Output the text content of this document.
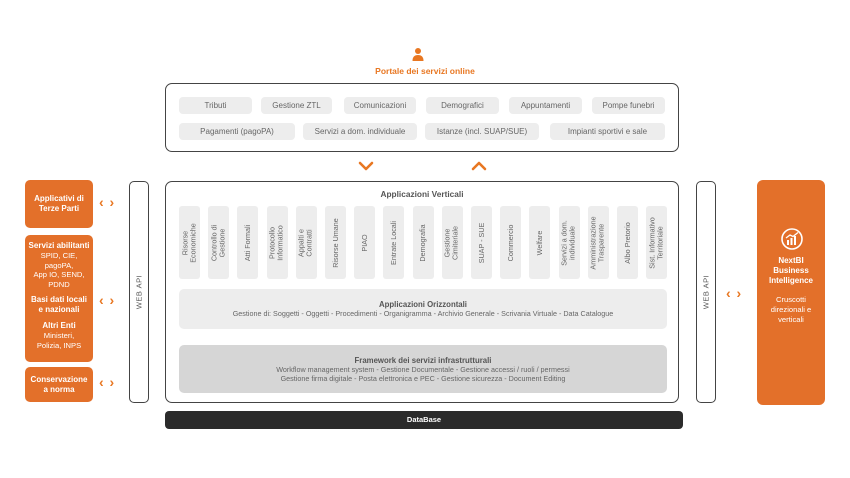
Portale dei servizi online
Tributi	Gestione ZTL	Comunicazioni	Demografici	Appuntamenti	Pompe funebri
Pagamenti (pagoPA)	Servizi a dom. individuale	Istanze (incl. SUAP/SUE)	Impianti sportivi e sale
Applicativi di Terze Parti
Servizi abilitanti
SPID, CIE,
pagoPA,
App IO, SEND,
PDND
Basi dati locali
e nazionali
Altri Enti
Ministeri,
Polizia, INPS
Conservazione
a norma
‹ ›
‹ ›
‹ ›
‹ ›
WEB API	WEB API
Applicazioni Verticali
Risorse Economiche Controllo di Gestione Atti Formali Protocollo Informatico Appalti e Contratti Risorse Umane	PIAO	Entrate Locali	Demografia Gestione Cimiteriale SUAP - SUE	Commercio	Welfare Servizi a dom. individuale Amministrazione Trasparente Albo Pretorio Sist. Informativo Territoriale
Applicazioni Orizzontali
Gestione di: Soggetti - Oggetti - Procedimenti - Organigramma - Archivio Generale - Scrivania Virtuale - Data Catalogue
Framework dei servizi infrastrutturali
Workflow management system - Gestione Documentale - Gestione accessi / ruoli / permessi
Gestione firma digitale - Posta elettronica e PEC - Gestione sicurezza - Document Editing
DataBase
NextBI
Business
Intelligence
Cruscotti
direzionali e
verticali
